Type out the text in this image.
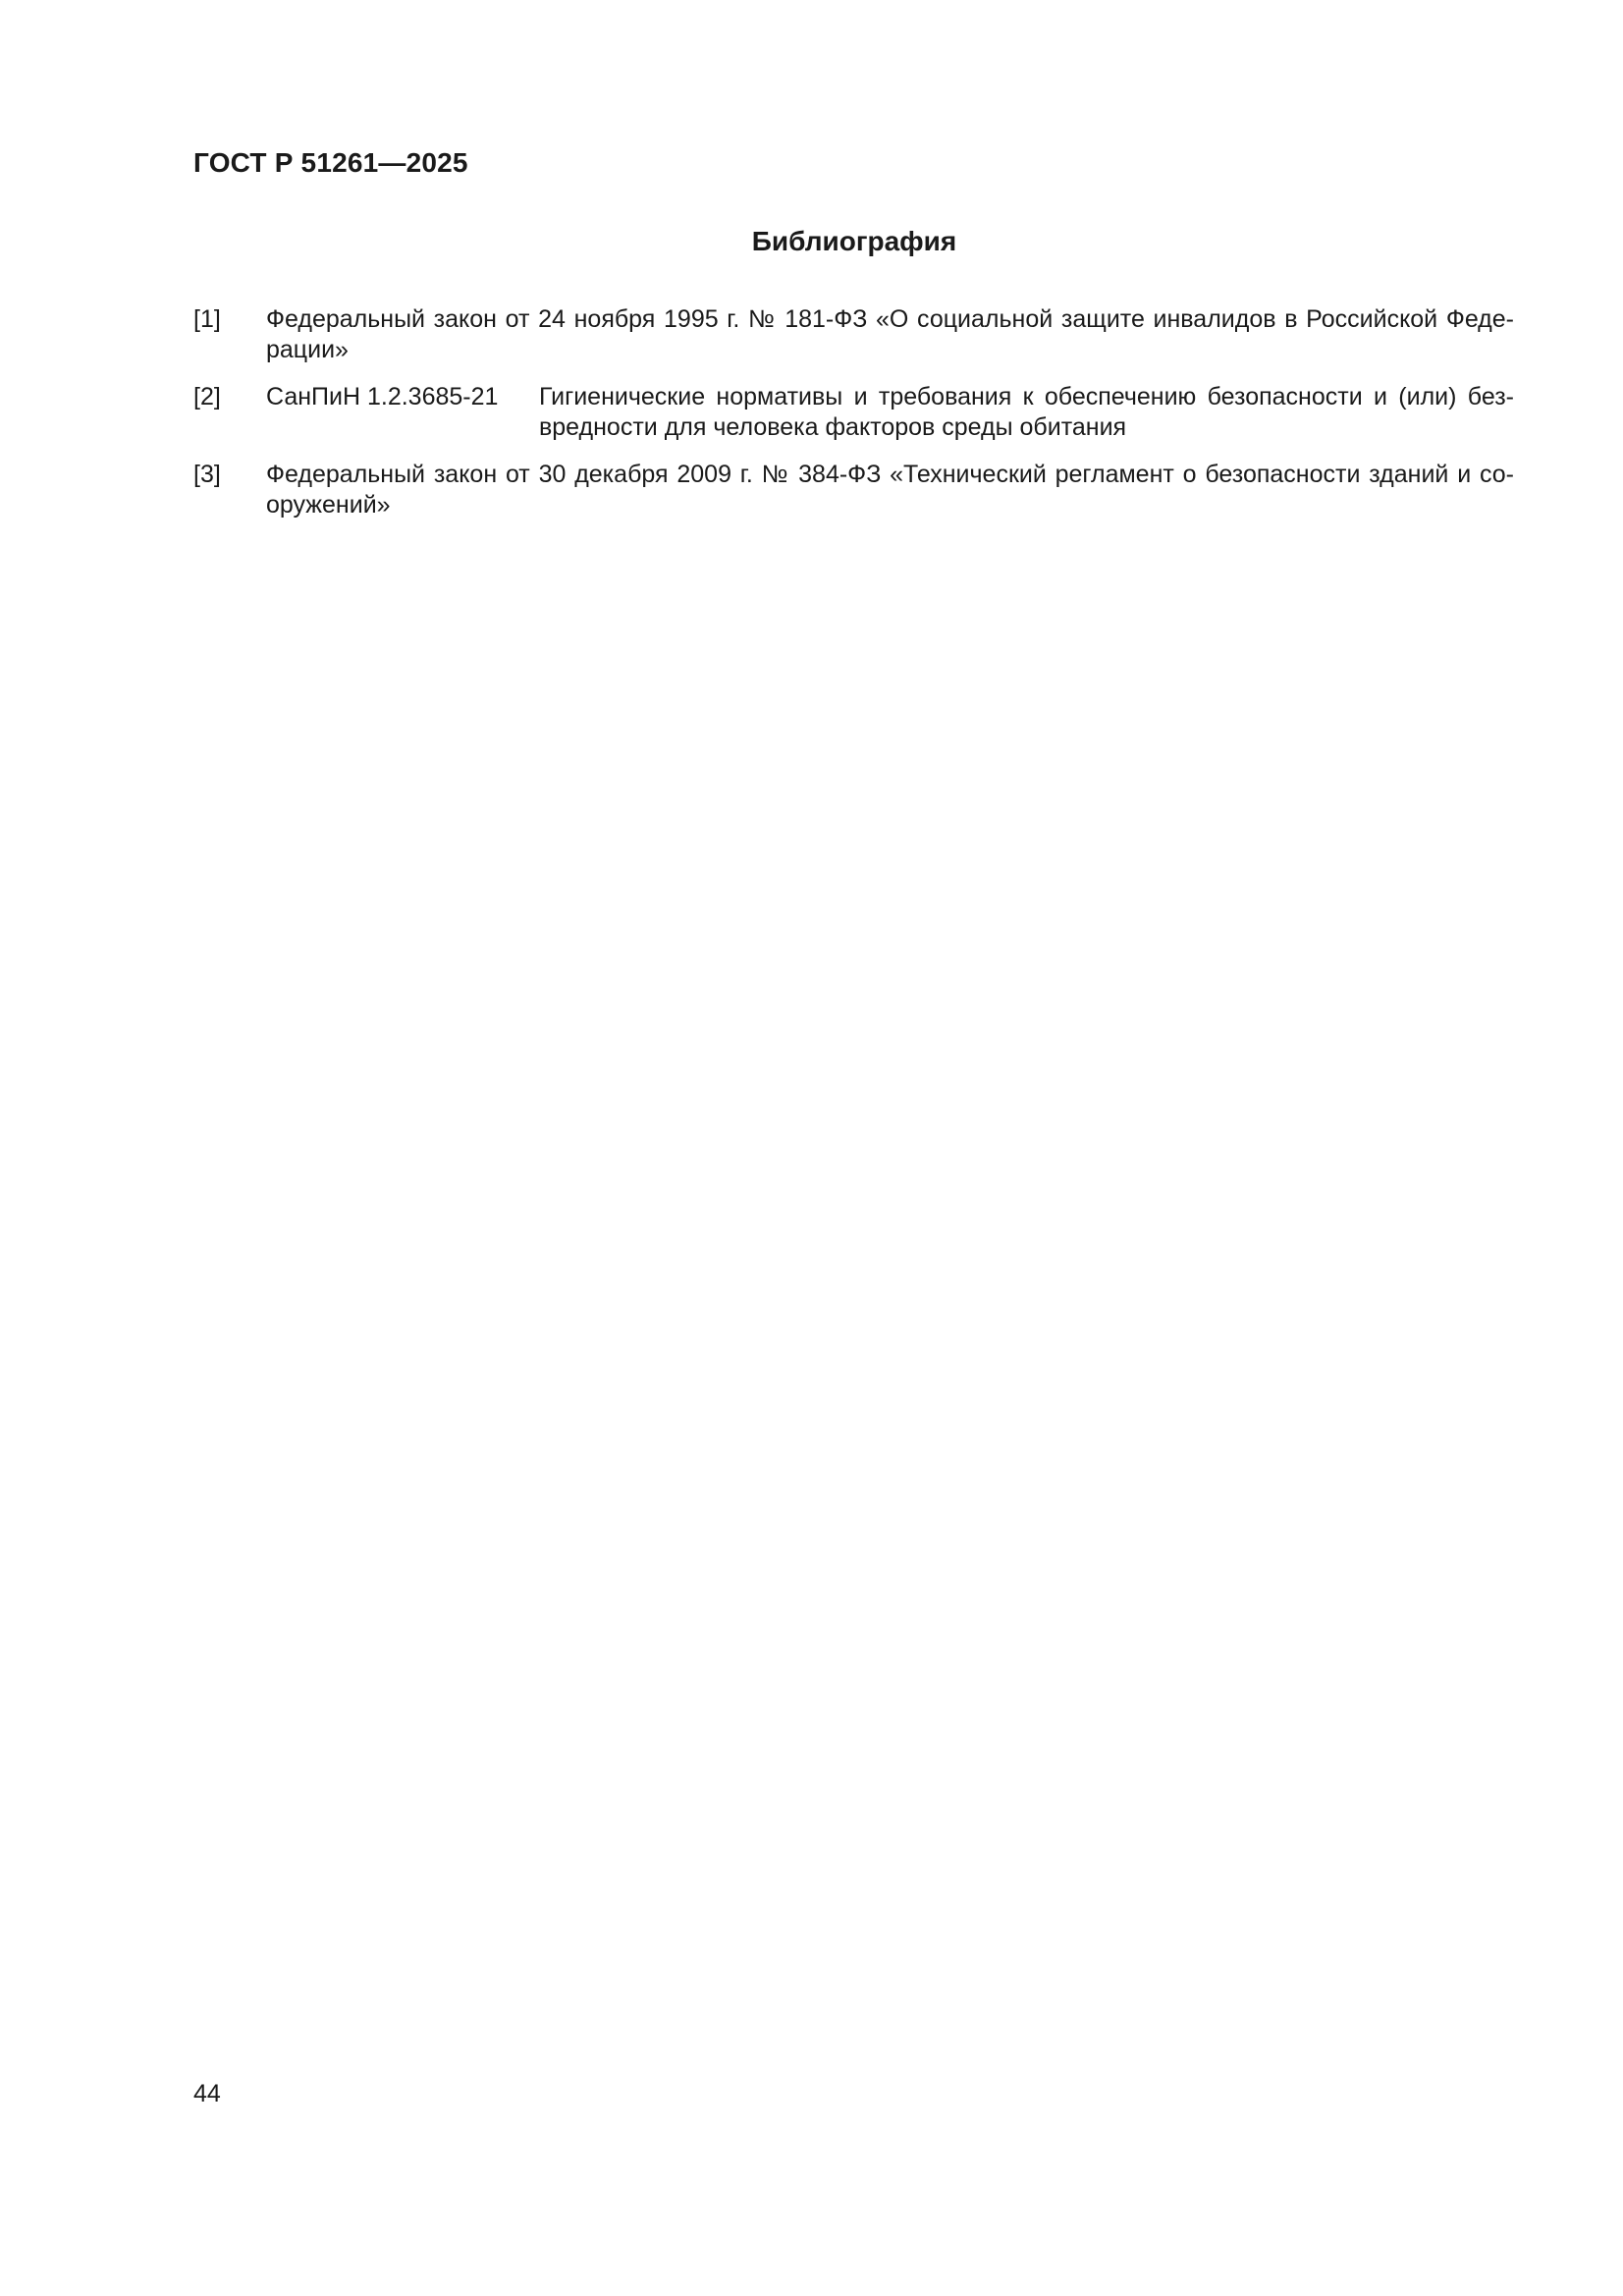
ГОСТ Р 51261—2025
Библиография
[1]	Федеральный закон от 24 ноября 1995 г. № 181-ФЗ «О социальной защите инвалидов в Российской Феде-рации»
[2]	СанПиН 1.2.3685-21	Гигиенические нормативы и требования к обеспечению безопасности и (или) без-вредности для человека факторов среды обитания
[3]	Федеральный закон от 30 декабря 2009 г. № 384-ФЗ «Технический регламент о безопасности зданий и со-оружений»
44
